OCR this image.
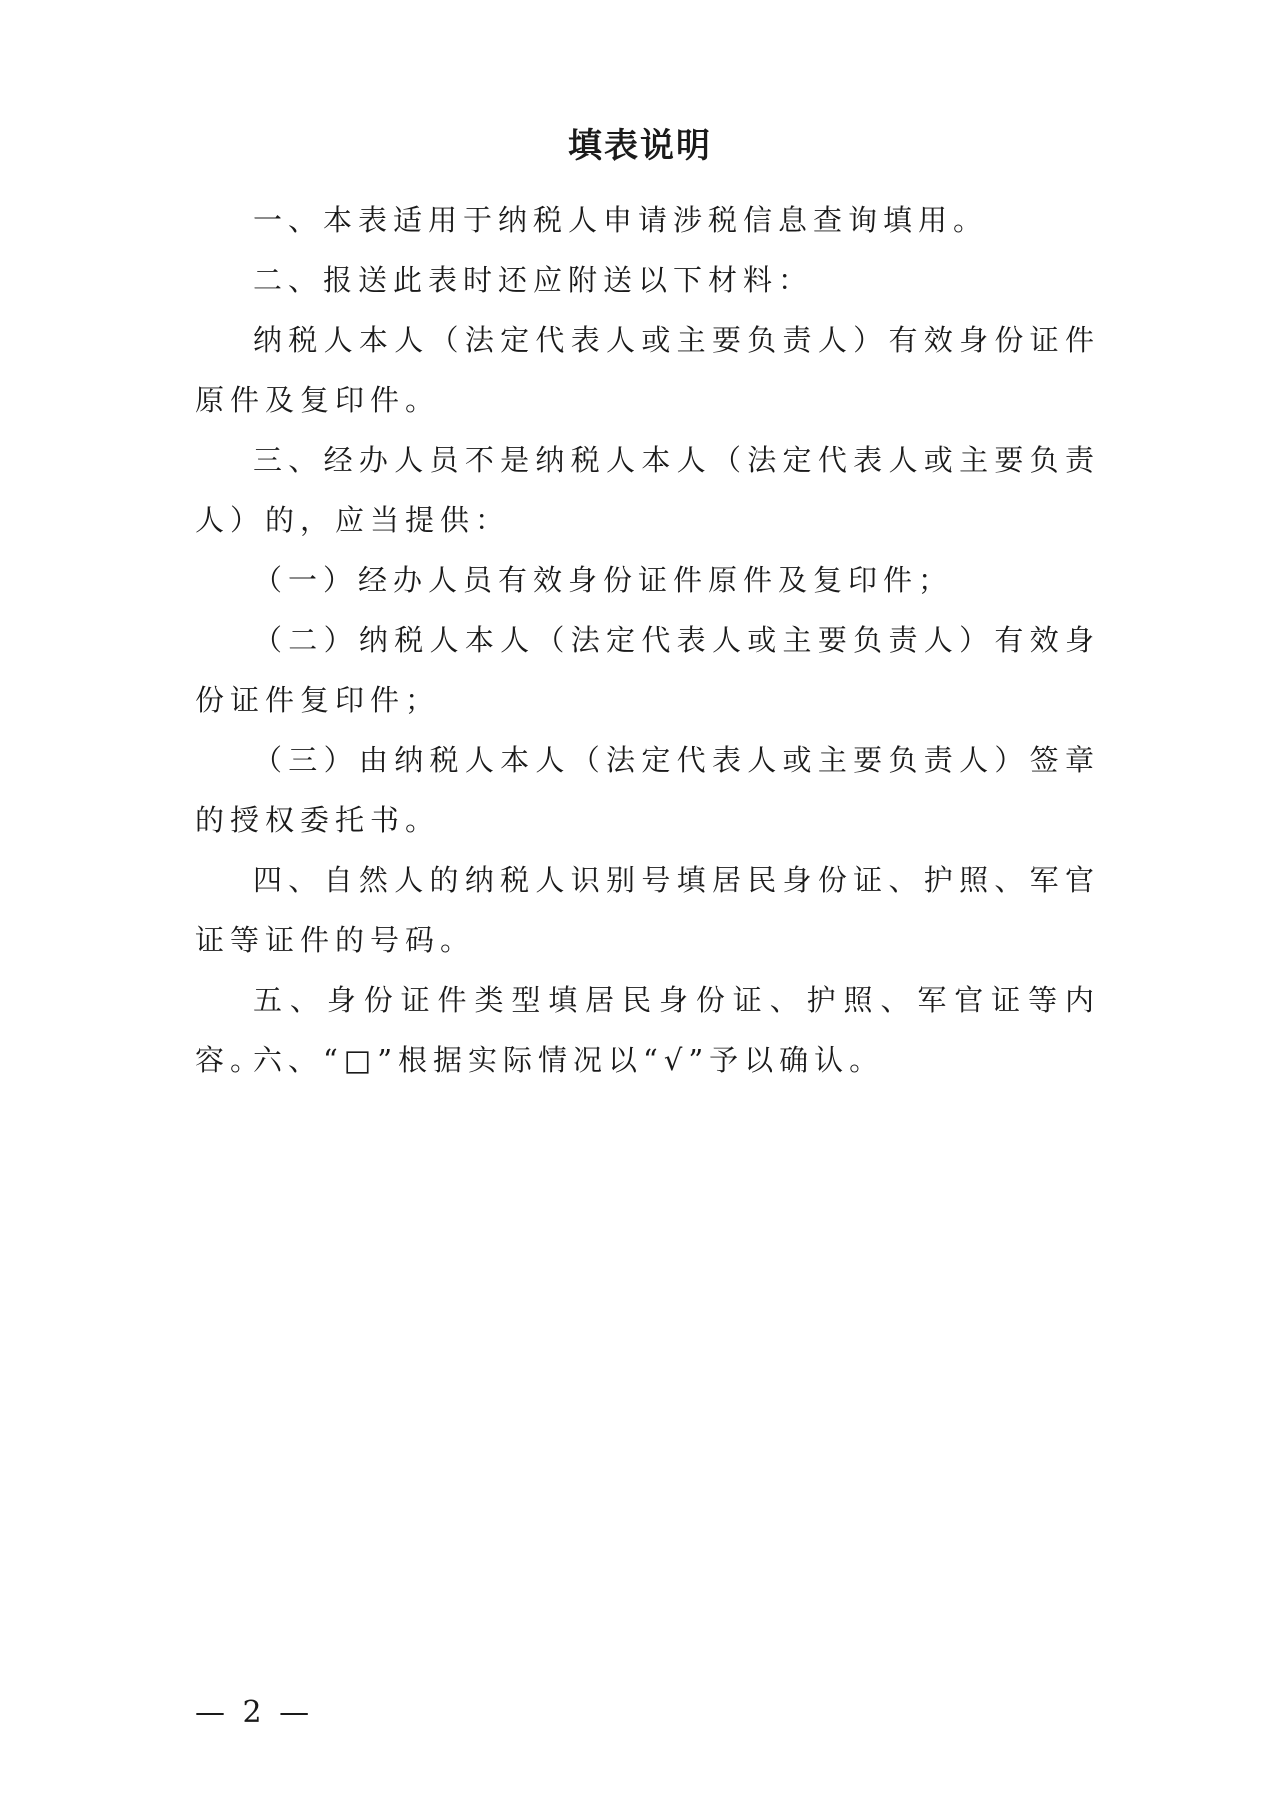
填表说明

一、本表适用于纳税人申请涉税信息查询填用。

二、报送此表时还应附送以下材料：

纳税人本人（法定代表人或主要负责人）有效身份证件原件及复印件。

三、经办人员不是纳税人本人（法定代表人或主要负责人）的，应当提供：

（一）经办人员有效身份证件原件及复印件；

（二）纳税人本人（法定代表人或主要负责人）有效身份证件复印件；

（三）由纳税人本人（法定代表人或主要负责人）签章的授权委托书。

四、自然人的纳税人识别号填居民身份证、护照、军官证等证件的号码。

五、身份证件类型填居民身份证、护照、军官证等内容。

六、“□”根据实际情况以“√”予以确认。

— 2 —
